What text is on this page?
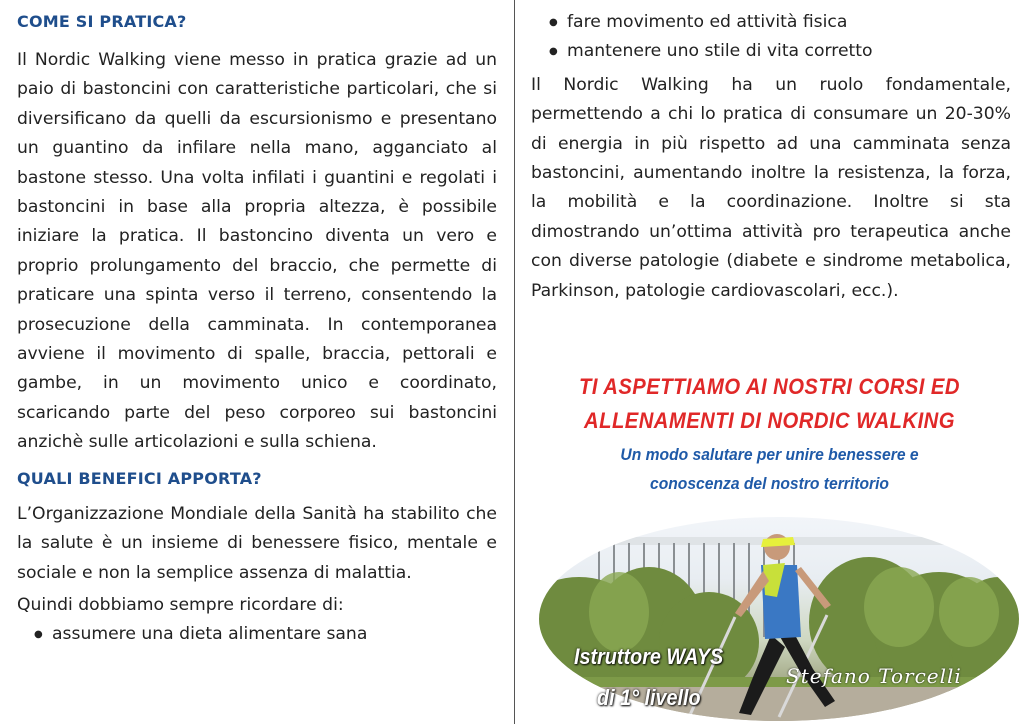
COME SI PRATICA?

Il Nordic Walking viene messo in pratica grazie ad un paio di bastoncini con caratteristiche particolari, che si diversificano da quelli da escursionismo e presentano un guantino da infilare nella mano, agganciato al bastone stesso. Una volta infilati i guantini e regolati i bastoncini in base alla propria altezza, è possibile iniziare la pratica. Il bastoncino diventa un vero e proprio prolungamento del braccio, che permette di praticare una spinta verso il terreno, consentendo la prosecuzione della camminata. In contemporanea avviene il movimento di spalle, braccia, pettorali e gambe, in un movimento unico e coordinato, scaricando parte del peso corporeo sui bastoncini anzichè sulle articolazioni e sulla schiena.

QUALI BENEFICI APPORTA?

L’Organizzazione Mondiale della Sanità ha stabilito che la salute è un insieme di benessere fisico, mentale e sociale e non la semplice assenza di malattia.

Quindi dobbiamo sempre ricordare di:

● assumere una dieta alimentare sana
● fare movimento ed attività fisica
● mantenere uno stile di vita corretto

Il Nordic Walking ha un ruolo fondamentale, permettendo a chi lo pratica di consumare un 20-30% di energia in più rispetto ad una camminata senza bastoncini, aumentando inoltre la resistenza, la forza, la mobilità e la coordinazione. Inoltre si sta dimostrando un’ottima attività pro terapeutica anche con diverse patologie (diabete e sindrome metabolica, Parkinson, patologie cardiovascolari, ecc.).

TI ASPETTIAMO AI NOSTRI CORSI ED

ALLENAMENTI DI NORDIC WALKING

Un modo salutare per unire benessere e

conoscenza del nostro territorio

Istruttore WAYS
di 1° livello
Stefano Torcelli
